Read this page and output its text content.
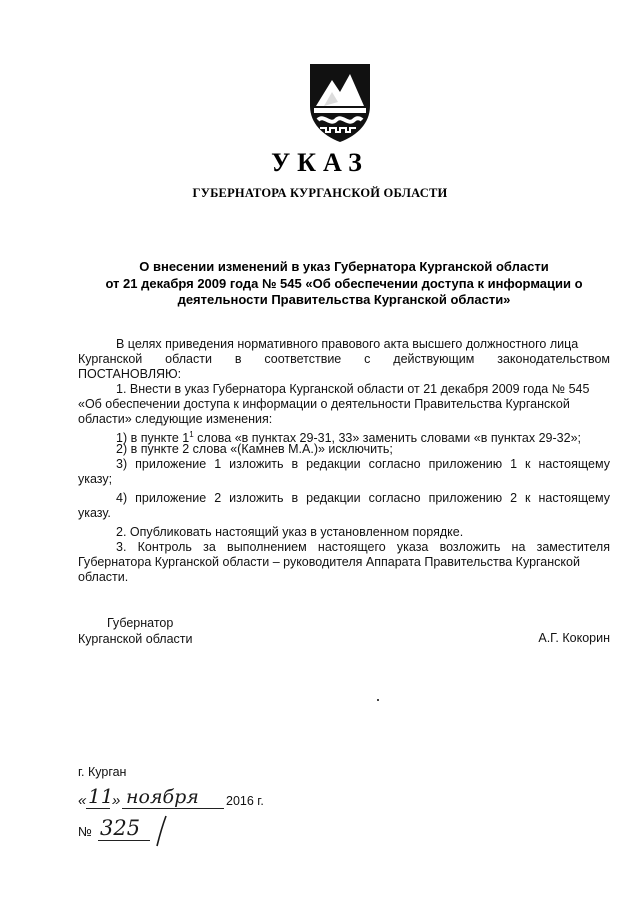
УКАЗ
ГУБЕРНАТОРА КУРГАНСКОЙ ОБЛАСТИ
О внесении изменений в указ Губернатора Курганской области
от 21 декабря 2009 года № 545 «Об обеспечении доступа к информации о
деятельности Правительства Курганской области»
В целях приведения нормативного правового акта высшего должностного лица
Курганской области в соответствие с действующим законодательством
ПОСТАНОВЛЯЮ:
1. Внести в указ Губернатора Курганской области от 21 декабря 2009 года № 545
«Об обеспечении доступа к информации о деятельности Правительства Курганской
области» следующие изменения:
1) в пункте $1^1$ слова «в пунктах 29-31, 33» заменить словами «в пунктах 29-32»;
2) в пункте 2 слова «(Камнев М.А.)» исключить;
3) приложение 1 изложить в редакции согласно приложению 1 к настоящему
указу;
4) приложение 2 изложить в редакции согласно приложению 2 к настоящему
указу.
2. Опубликовать настоящий указ в установленном порядке.
3. Контроль за выполнением настоящего указа возложить на заместителя
Губернатора Курганской области – руководителя Аппарата Правительства Курганской
области.
Губернатор
Курганской области	А.Г. Кокорин
г. Курган
« 11
» ноября 2016 г.
№ 325
